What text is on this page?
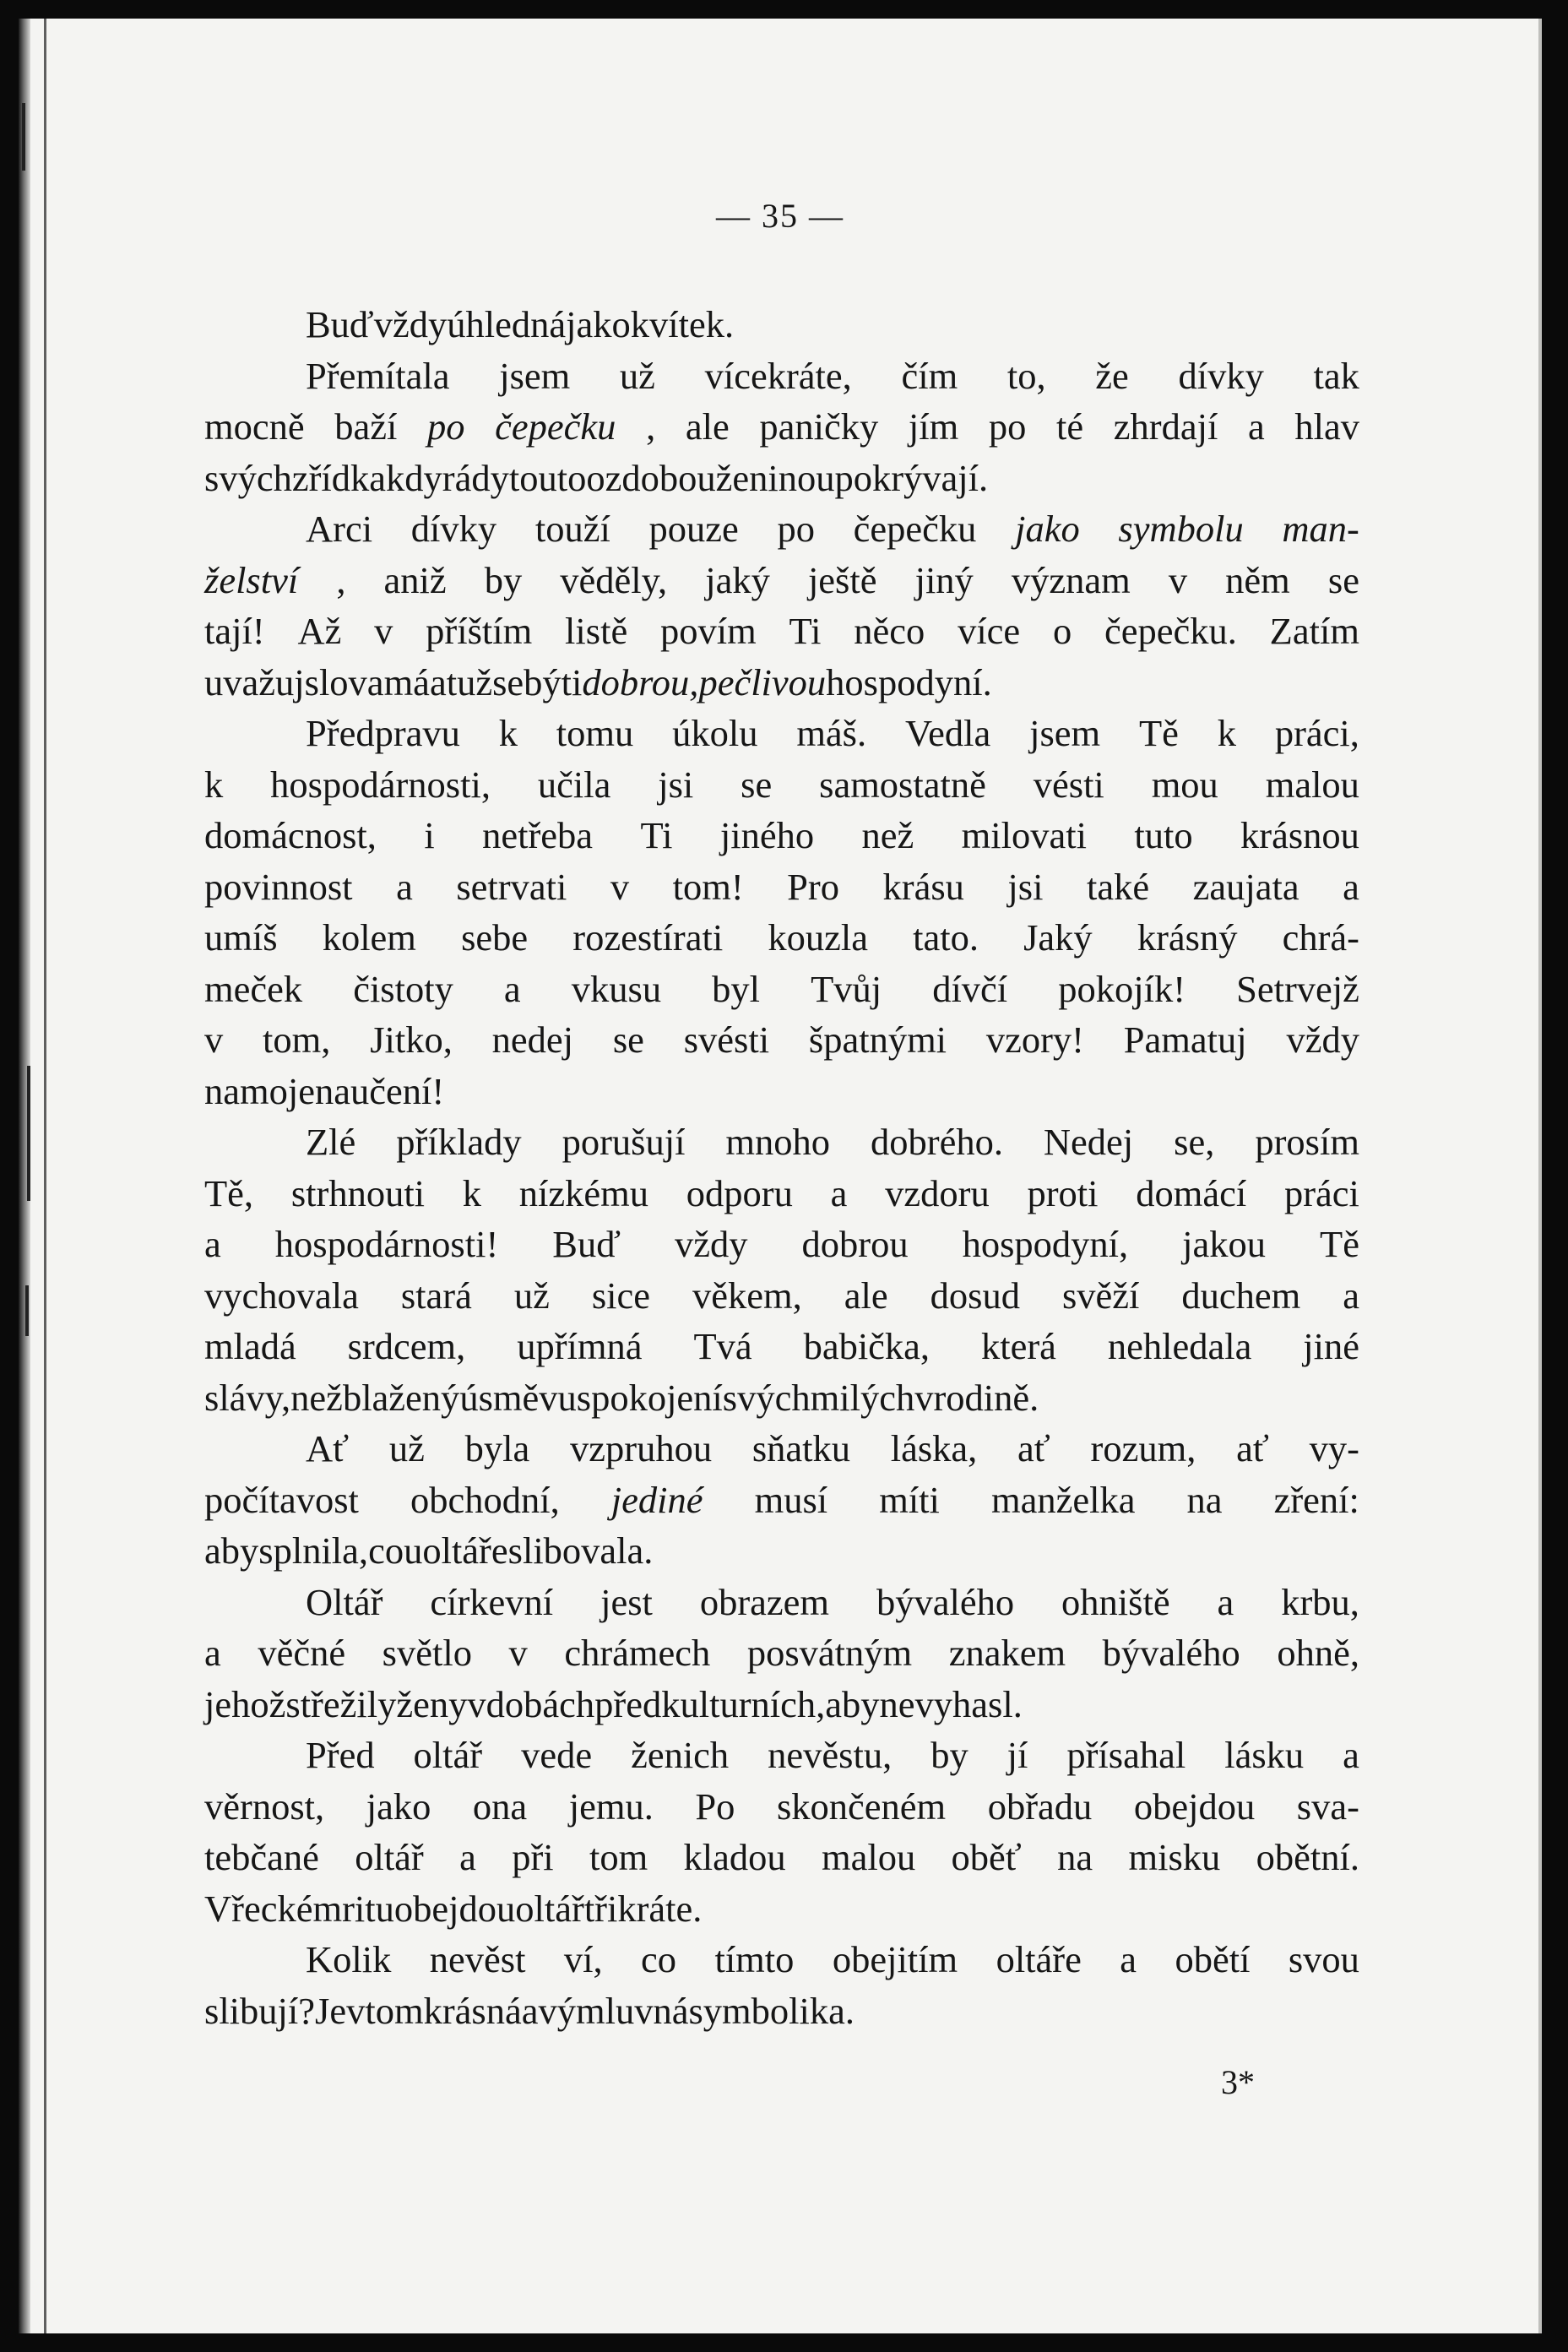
— 35 —
Buď vždy úhledná jako kvítek.
Přemítala jsem už vícekráte, čím to, že dívky tak
mocně baží po čepečku , ale paničky jím po té zhrdají a hlav
svých zřídka kdy rády touto ozdobou ženinou pokrývají.
Arci dívky touží pouze po čepečku jako symbolu man-
želství , aniž by věděly, jaký ještě jiný význam v něm se
tají! Až v příštím listě povím Ti něco více o čepečku. Zatím
uvažuj slova má a tuž se býti dobrou, pečlivou hospodyní.
Předpravu k tomu úkolu máš. Vedla jsem Tě k práci,
k hospodárnosti, učila jsi se samostatně vésti mou malou
domácnost, i netřeba Ti jiného než milovati tuto krásnou
povinnost a setrvati v tom! Pro krásu jsi také zaujata a
umíš kolem sebe rozestírati kouzla tato. Jaký krásný chrá-
meček čistoty a vkusu byl Tvůj dívčí pokojík! Setrvejž
v tom, Jitko, nedej se svésti špatnými vzory! Pamatuj vždy
na moje naučení!
Zlé příklady porušují mnoho dobrého. Nedej se, prosím
Tě, strhnouti k nízkému odporu a vzdoru proti domácí práci
a hospodárnosti! Buď vždy dobrou hospodyní, jakou Tě
vychovala stará už sice věkem, ale dosud svěží duchem a
mladá srdcem, upřímná Tvá babička, která nehledala jiné
slávy, než blažený úsměv uspokojení svých milých v rodině.
Ať už byla vzpruhou sňatku láska, ať rozum, ať vy-
počítavost obchodní, jediné musí míti manželka na zření:
aby splnila, co u oltáře slibovala.
Oltář církevní jest obrazem bývalého ohniště a krbu,
a věčné světlo v chrámech posvátným znakem bývalého ohně,
jehož střežily ženy v dobách předkulturních, aby nevyhasl.
Před oltář vede ženich nevěstu, by jí přísahal lásku a
věrnost, jako ona jemu. Po skončeném obřadu obejdou sva-
tebčané oltář a při tom kladou malou oběť na misku obětní.
V řeckém ritu obejdou oltář třikráte.
Kolik nevěst ví, co tímto obejitím oltáře a obětí svou
slibují? Je v tom krásná a výmluvná symbolika.
3*
